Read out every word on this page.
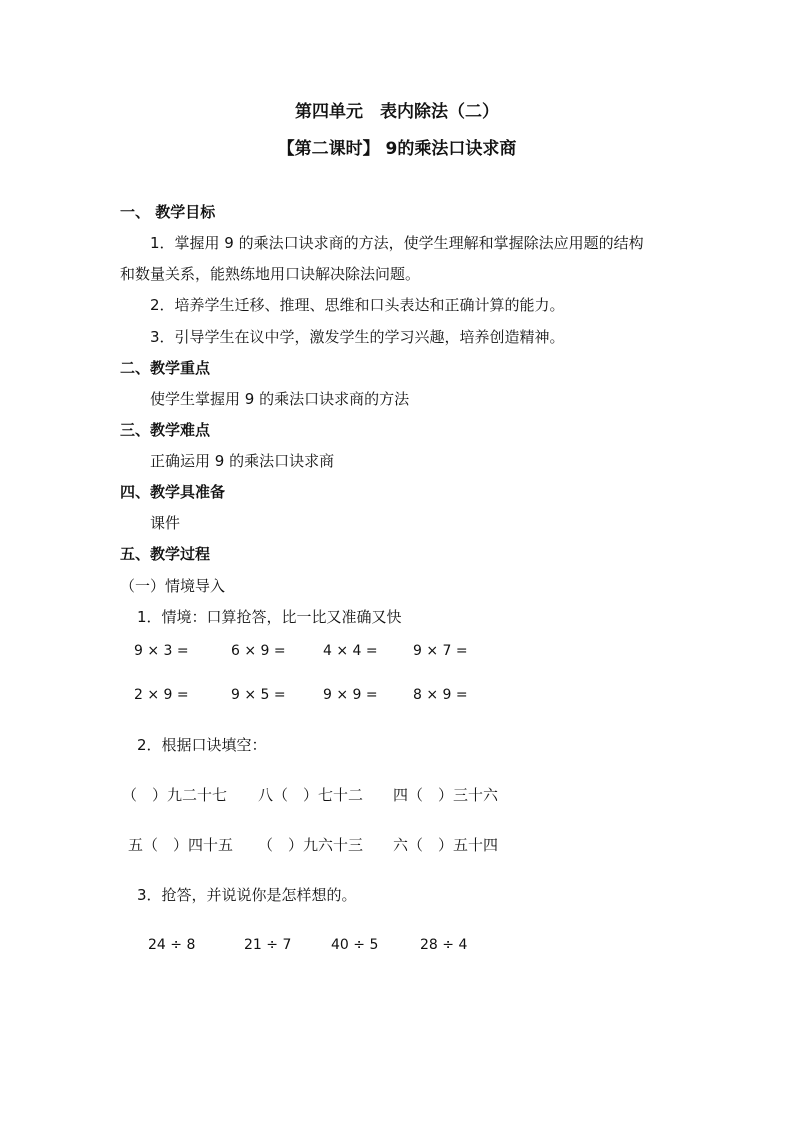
第四单元　表内除法（二）
【第二课时】 9的乘法口诀求商
一、 教学目标
1．掌握用 9 的乘法口诀求商的方法，使学生理解和掌握除法应用题的结构
和数量关系，能熟练地用口诀解决除法问题。
2．培养学生迁移、推理、思维和口头表达和正确计算的能力。
3．引导学生在议中学，激发学生的学习兴趣，培养创造精神。
二、教学重点
使学生掌握用 9 的乘法口诀求商的方法
三、教学难点
正确运用 9 的乘法口诀求商
四、教学具准备
课件
五、教学过程
（一）情境导入
1．情境：口算抢答，比一比又准确又快
9 × 3 =	6 × 9 =	4 × 4 =	9 × 7 =
2 × 9 =	9 × 5 =	9 × 9 =	8 × 9 =
2．根据口诀填空：
（　）九二十七 八（　）七十二 四（　）三十六
五（　）四十五 （　）九六十三 六（　）五十四
3．抢答，并说说你是怎样想的。
24 ÷ 8	21 ÷ 7	40 ÷ 5	28 ÷ 4
